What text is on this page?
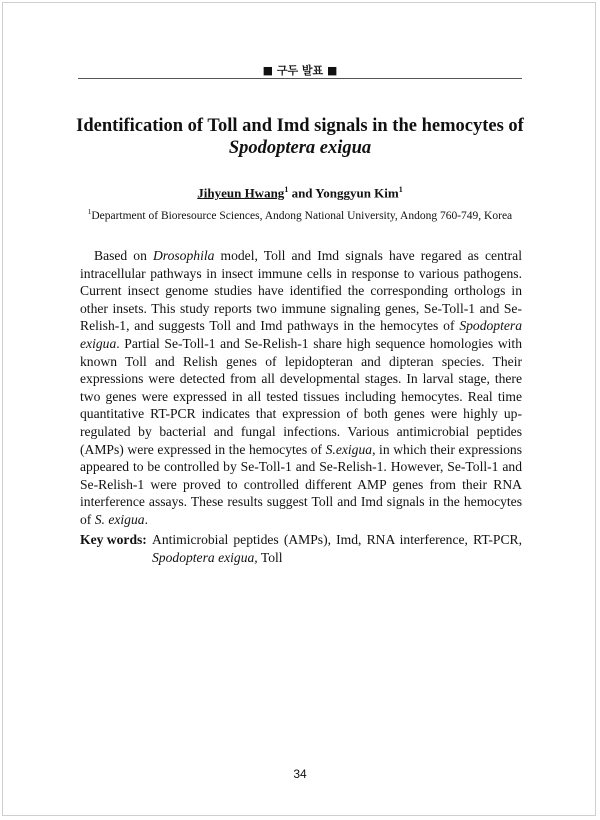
■ 구두 발표 ■
Identification of Toll and Imd signals in the hemocytes of
Spodoptera exigua
Jihyeun Hwang$^1$ and Yonggyun Kim$^1$
$^1$Department of Bioresource Sciences, Andong National University, Andong 760-749, Korea
Based on Drosophila model, Toll and Imd signals have regared as central intracellular pathways in insect immune cells in response to various pathogens. Current insect genome studies have identified the corresponding orthologs in other insets. This study reports two immune signaling genes, Se-Toll-1 and Se-Relish-1, and suggests Toll and Imd pathways in the hemocytes of Spodoptera exigua. Partial Se-Toll-1 and Se-Relish-1 share high sequence homologies with known Toll and Relish genes of lepidopteran and dipteran species. Their expressions were detected from all developmental stages. In larval stage, there two genes were expressed in all tested tissues including hemocytes. Real time quantitative RT-PCR indicates that expression of both genes were highly up-regulated by bacterial and fungal infections. Various antimicrobial peptides (AMPs) were expressed in the hemocytes of S.exigua, in which their expressions appeared to be controlled by Se-Toll-1 and Se-Relish-1. However, Se-Toll-1 and Se-Relish-1 were proved to controlled different AMP genes from their RNA interference assays. These results suggest Toll and Imd signals in the hemocytes of S. exigua.
Key words: Antimicrobial peptides (AMPs), Imd, RNA interference, RT-PCR, Spodoptera exigua, Toll
34
